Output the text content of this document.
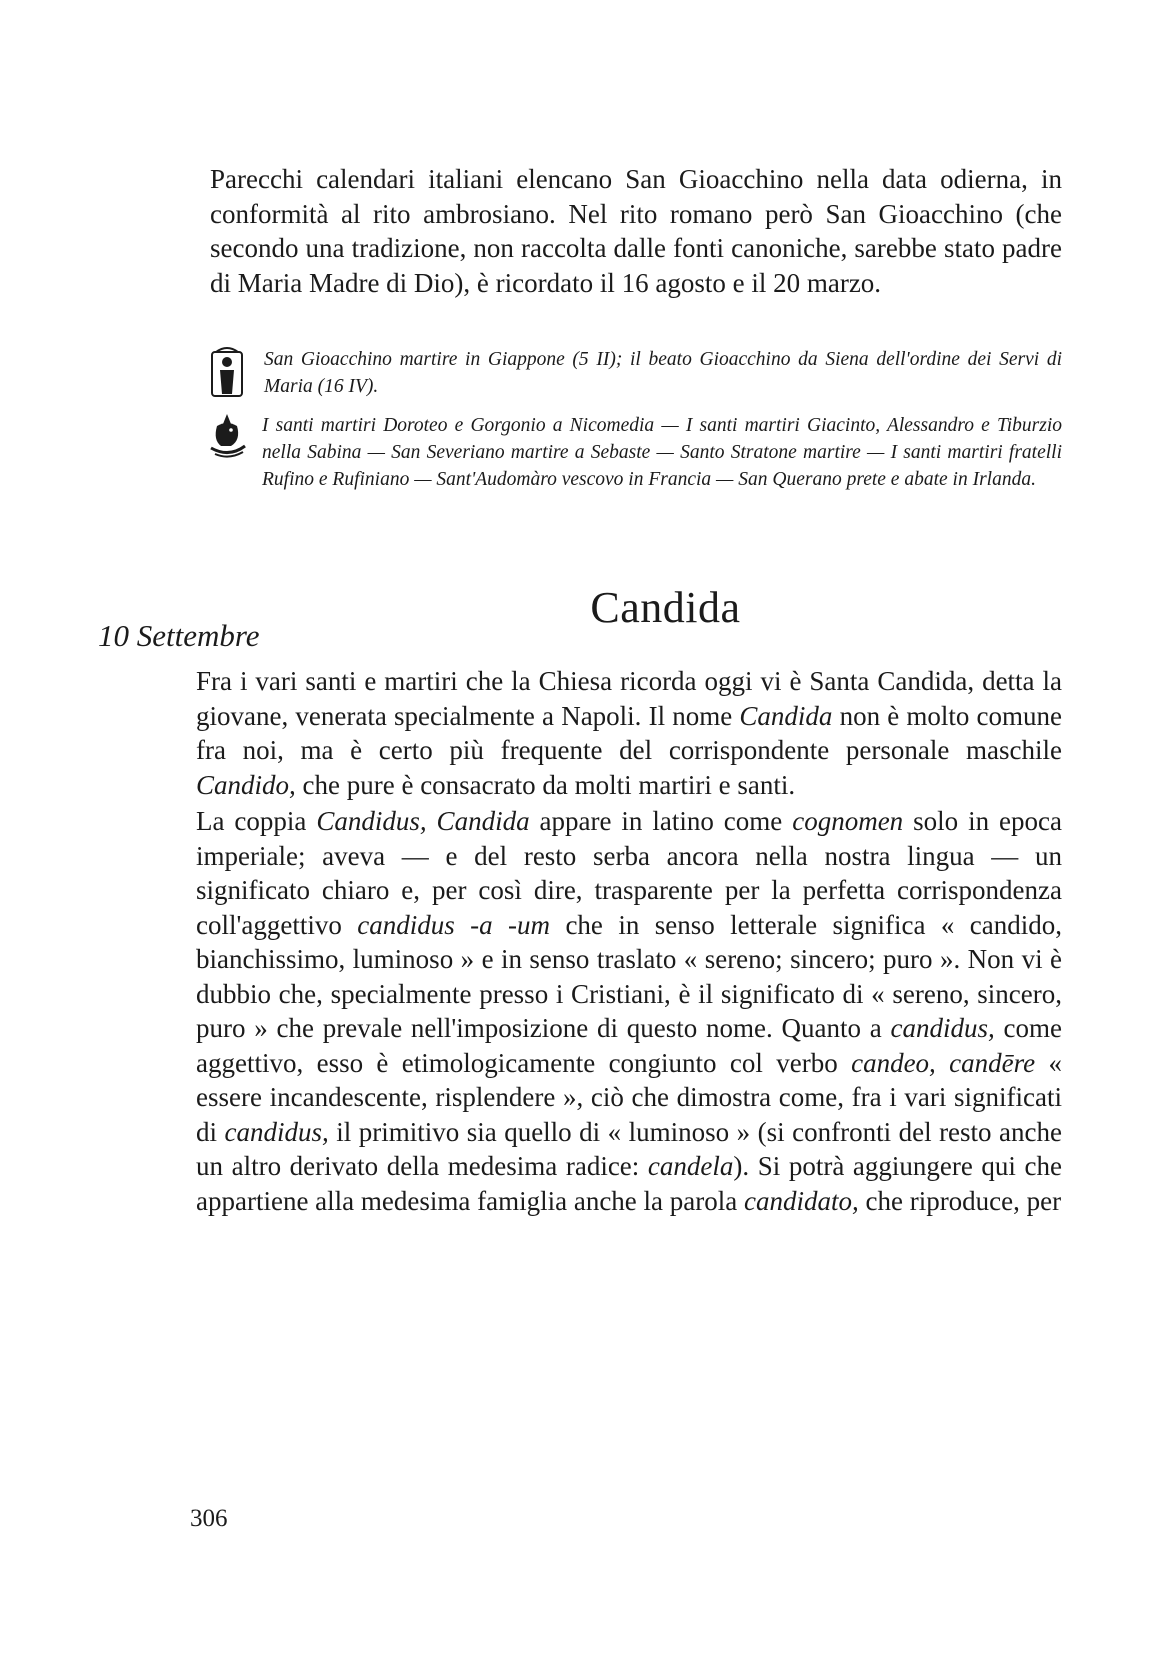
Parecchi calendari italiani elencano San Gioacchino nella data odierna, in conformità al rito ambrosiano. Nel rito romano però San Gioacchino (che secondo una tradizione, non raccolta dalle fonti canoniche, sarebbe stato padre di Maria Madre di Dio), è ricordato il 16 agosto e il 20 marzo.
San Gioacchino martire in Giappone (5 II); il beato Gioacchino da Siena dell'ordine dei Servi di Maria (16 IV).
I santi martiri Doroteo e Gorgonio a Nicomedia — I santi martiri Giacinto, Alessandro e Tiburzio nella Sabina — San Severiano martire a Sebaste — Santo Stratone martire — I santi martiri fratelli Rufino e Rufiniano — Sant'Audomàro vescovo in Francia — San Querano prete e abate in Irlanda.
Candida
10 Settembre

Fra i vari santi e martiri che la Chiesa ricorda oggi vi è Santa Candida, detta la giovane, venerata specialmente a Napoli. Il nome Candida non è molto comune fra noi, ma è certo più frequente del corrispondente personale maschile Candido, che pure è consacrato da molti martiri e santi.

La coppia Candidus, Candida appare in latino come cognomen solo in epoca imperiale; aveva — e del resto serba ancora nella nostra lingua — un significato chiaro e, per così dire, trasparente per la perfetta corrispondenza coll'aggettivo candidus -a -um che in senso letterale significa « candido, bianchissimo, luminoso » e in senso traslato « sereno; sincero; puro ». Non vi è dubbio che, specialmente presso i Cristiani, è il significato di « sereno, sincero, puro » che prevale nell'imposizione di questo nome. Quanto a candidus, come aggettivo, esso è etimologicamente congiunto col verbo candeo, candēre « essere incandescente, risplendere », ciò che dimostra come, fra i vari significati di candidus, il primitivo sia quello di « luminoso » (si confronti del resto anche un altro derivato della medesima radice: candela). Si potrà aggiungere qui che appartiene alla medesima famiglia anche la parola candidato, che riproduce, per

306
